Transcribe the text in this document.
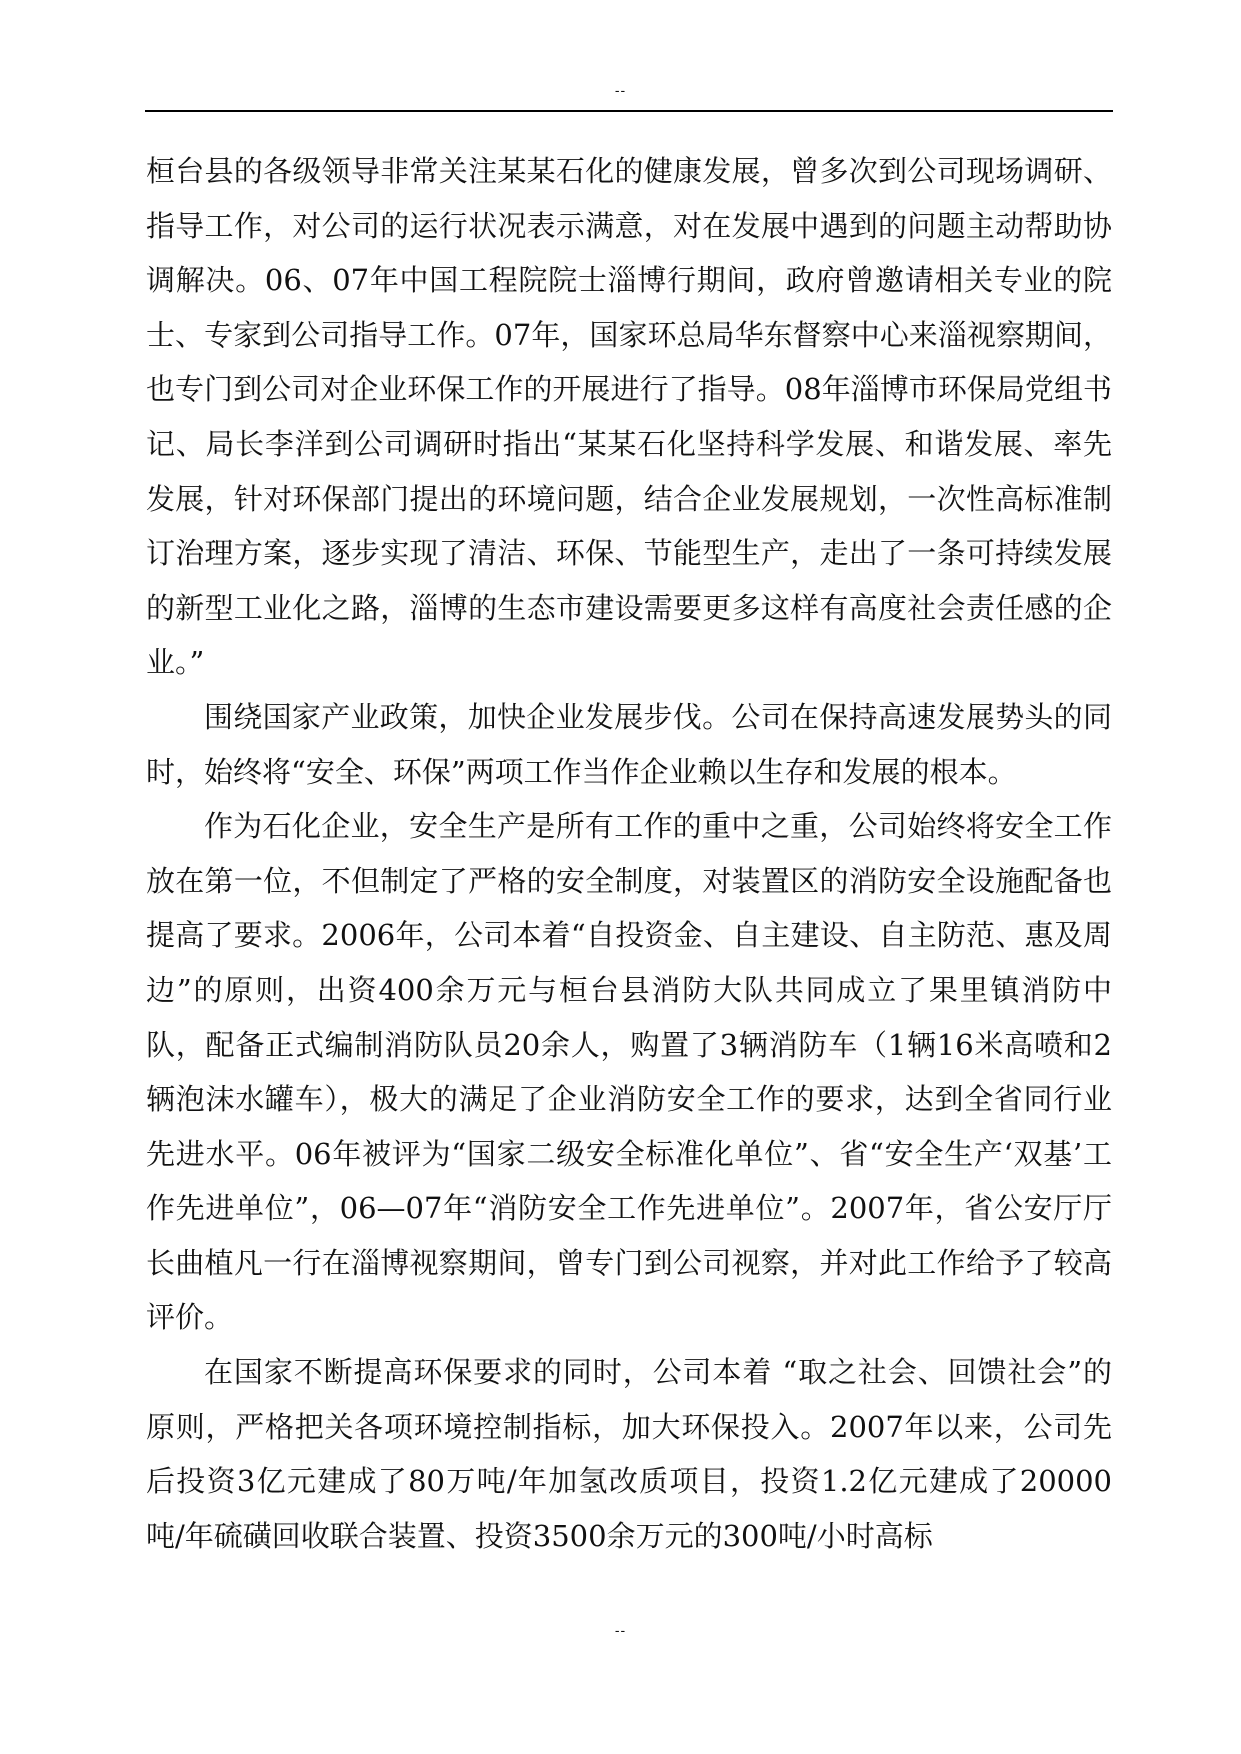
--

桓台县的各级领导非常关注某某石化的健康发展，曾多次到公司现场调研、指导工作，对公司的运行状况表示满意，对在发展中遇到的问题主动帮助协调解决。06、07年中国工程院院士淄博行期间，政府曾邀请相关专业的院士、专家到公司指导工作。07年，国家环总局华东督察中心来淄视察期间，也专门到公司对企业环保工作的开展进行了指导。08年淄博市环保局党组书记、局长李洋到公司调研时指出“某某石化坚持科学发展、和谐发展、率先发展，针对环保部门提出的环境问题，结合企业发展规划，一次性高标准制订治理方案，逐步实现了清洁、环保、节能型生产，走出了一条可持续发展的新型工业化之路，淄博的生态市建设需要更多这样有高度社会责任感的企业。”

围绕国家产业政策，加快企业发展步伐。公司在保持高速发展势头的同时，始终将“安全、环保”两项工作当作企业赖以生存和发展的根本。

作为石化企业，安全生产是所有工作的重中之重，公司始终将安全工作放在第一位，不但制定了严格的安全制度，对装置区的消防安全设施配备也提高了要求。2006年，公司本着“自投资金、自主建设、自主防范、惠及周边”的原则，出资400余万元与桓台县消防大队共同成立了果里镇消防中队，配备正式编制消防队员20余人，购置了3辆消防车（1辆16米高喷和2辆泡沫水罐车），极大的满足了企业消防安全工作的要求，达到全省同行业先进水平。06年被评为“国家二级安全标准化单位”、省“安全生产‘双基’工作先进单位”，06—07年“消防安全工作先进单位”。2007年，省公安厅厅长曲植凡一行在淄博视察期间，曾专门到公司视察，并对此工作给予了较高评价。

在国家不断提高环保要求的同时，公司本着 “取之社会、回馈社会”的原则，严格把关各项环境控制指标，加大环保投入。2007年以来，公司先后投资3亿元建成了80万吨/年加氢改质项目，投资1.2亿元建成了20000吨/年硫磺回收联合装置、投资3500余万元的300吨/小时高标

--
